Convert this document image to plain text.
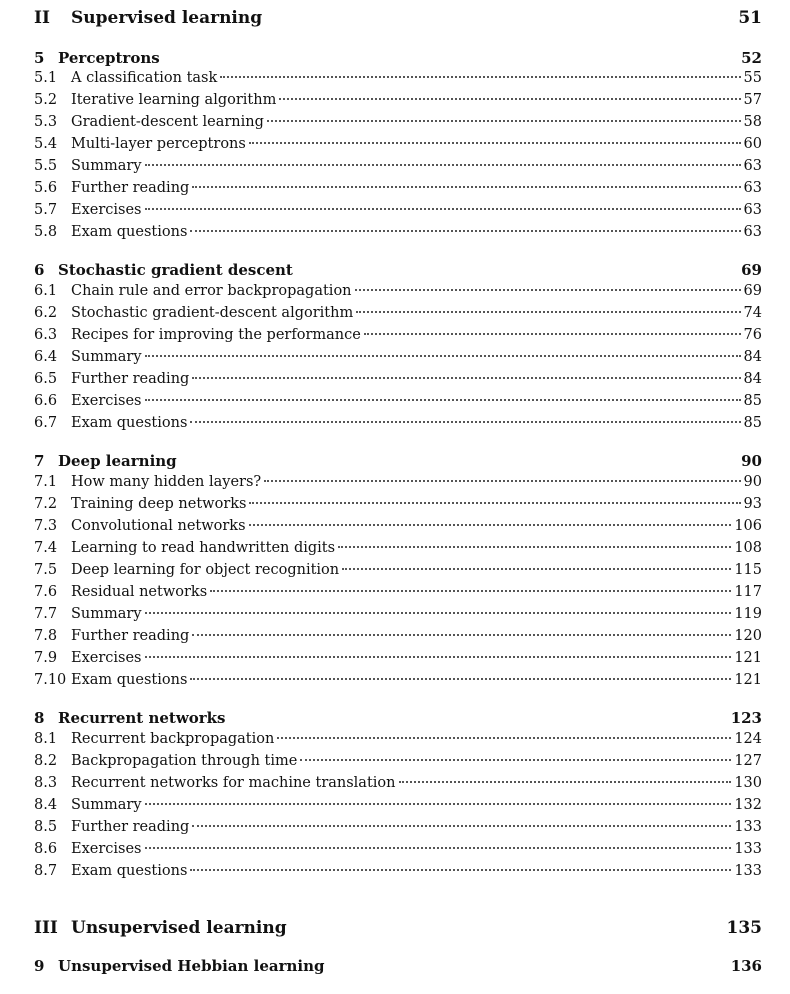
II	Supervised learning	51
5 Perceptrons	52
5.1 A classification task	55
5.2 Iterative learning algorithm	57
5.3 Gradient-descent learning	58
5.4 Multi-layer perceptrons	60
5.5 Summary	63
5.6 Further reading	63
5.7 Exercises	63
5.8 Exam questions	63
6 Stochastic gradient descent	69
6.1 Chain rule and error backpropagation	69
6.2 Stochastic gradient-descent algorithm	74
6.3 Recipes for improving the performance	76
6.4 Summary	84
6.5 Further reading	84
6.6 Exercises	85
6.7 Exam questions	85
7 Deep learning	90
7.1 How many hidden layers?	90
7.2 Training deep networks	93
7.3 Convolutional networks	106
7.4 Learning to read handwritten digits	108
7.5 Deep learning for object recognition	115
7.6 Residual networks	117
7.7 Summary	119
7.8 Further reading	120
7.9 Exercises	121
7.10 Exam questions	121
8 Recurrent networks	123
8.1 Recurrent backpropagation	124
8.2 Backpropagation through time	127
8.3 Recurrent networks for machine translation	130
8.4 Summary	132
8.5 Further reading	133
8.6 Exercises	133
8.7 Exam questions	133
III Unsupervised learning	135
9 Unsupervised Hebbian learning	136
